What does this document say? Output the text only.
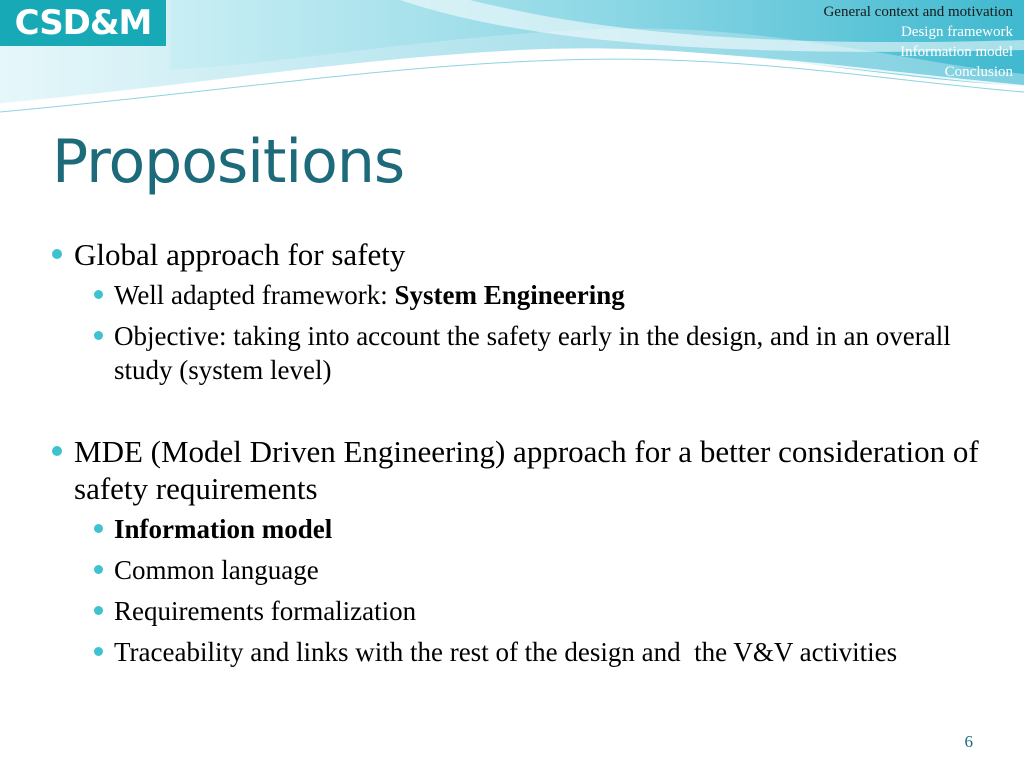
CSD&M	General context and motivation
Design framework
Information model
Conclusion
Propositions
Global approach for safety
Well adapted framework: System Engineering
Objective: taking into account the safety early in the design, and in an overall study (system level)
MDE (Model Driven Engineering) approach for a better consideration of safety requirements
Information model
Common language
Requirements formalization
Traceability and links with the rest of the design and  the V&V activities
6
